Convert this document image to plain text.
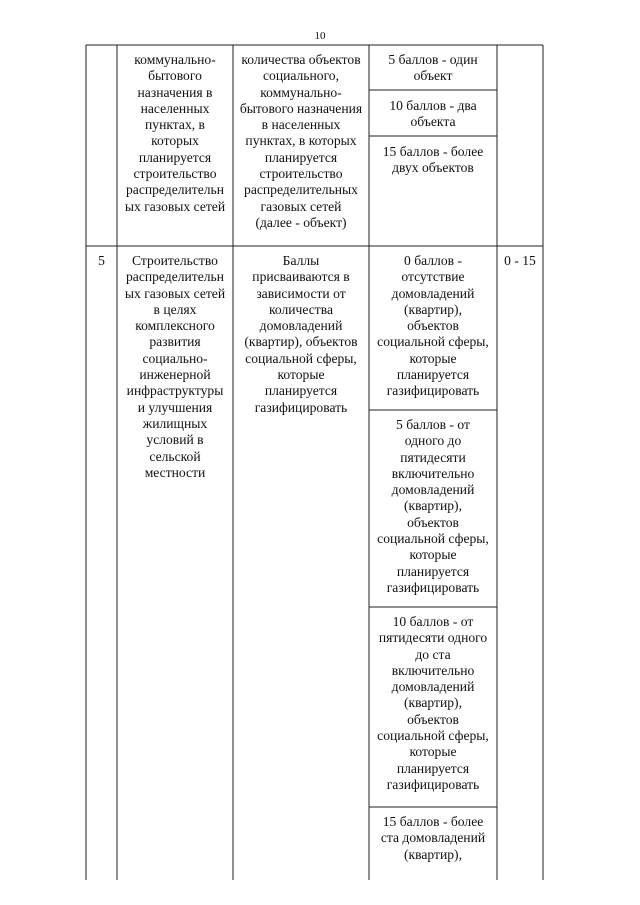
10
коммунально-
бытового
назначения в
населенных
пунктах, в
которых
планируется
строительство
распределительн
ых газовых сетей
количества объектов
социального,
коммунально-
бытового назначения
в населенных
пунктах, в которых
планируется
строительство
распределительных
газовых сетей
(далее - объект)
5 баллов - один
объект
10 баллов - два
объекта
15 баллов - более
двух объектов
5	Строительство
распределительн
ых газовых сетей
в целях
комплексного
развития
социально-
инженерной
инфраструктуры
и улучшения
жилищных
условий в
сельской
местности
Баллы
присваиваются в
зависимости от
количества
домовладений
(квартир), объектов
социальной сферы,
которые
планируется
газифицировать
0 баллов -
отсутствие
домовладений
(квартир),
объектов
социальной сферы,
которые
планируется
газифицировать
5 баллов - от
одного до
пятидесяти
включительно
домовладений
(квартир),
объектов
социальной сферы,
которые
планируется
газифицировать
10 баллов - от
пятидесяти одного
до ста
включительно
домовладений
(квартир),
объектов
социальной сферы,
которые
планируется
газифицировать
15 баллов - более
ста домовладений
(квартир),
0 - 15
